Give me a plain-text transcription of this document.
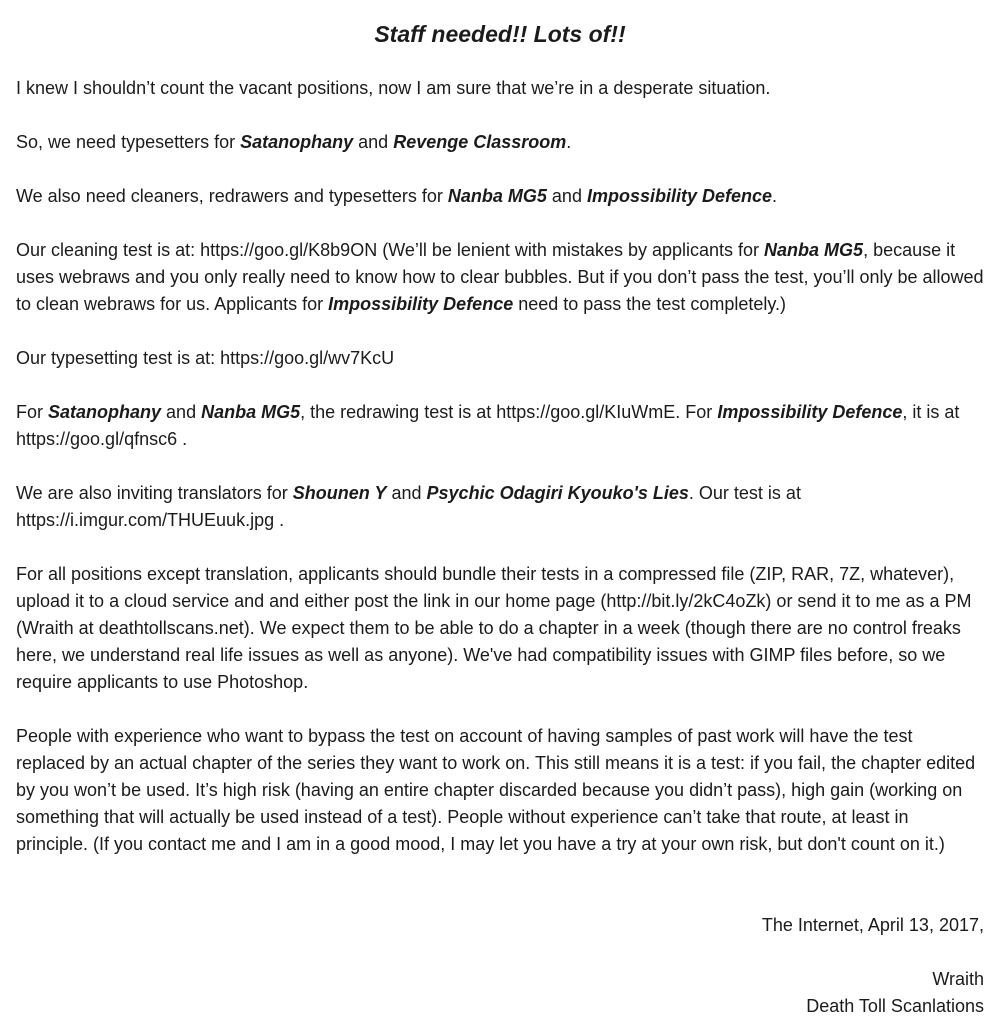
Staff needed!! Lots of!!

I knew I shouldn’t count the vacant positions, now I am sure that we’re in a desperate situation.

So, we need typesetters for Satanophany and Revenge Classroom.

We also need cleaners, redrawers and typesetters for Nanba MG5 and Impossibility Defence.

Our cleaning test is at: https://goo.gl/K8b9ON (We’ll be lenient with mistakes by applicants for Nanba MG5, because it uses webraws and you only really need to know how to clear bubbles. But if you don’t pass the test, you’ll only be allowed to clean webraws for us. Applicants for Impossibility Defence need to pass the test completely.)

Our typesetting test is at: https://goo.gl/wv7KcU

For Satanophany and Nanba MG5, the redrawing test is at https://goo.gl/KIuWmE. For Impossibility Defence, it is at https://goo.gl/qfnsc6 .

We are also inviting translators for Shounen Y and Psychic Odagiri Kyouko's Lies. Our test is at https://i.imgur.com/THUEuuk.jpg .

For all positions except translation, applicants should bundle their tests in a compressed file (ZIP, RAR, 7Z, whatever), upload it to a cloud service and and either post the link in our home page (http://bit.ly/2kC4oZk) or send it to me as a PM (Wraith at deathtollscans.net). We expect them to be able to do a chapter in a week (though there are no control freaks here, we understand real life issues as well as anyone). We've had compatibility issues with GIMP files before, so we require applicants to use Photoshop.

People with experience who want to bypass the test on account of having samples of past work will have the test replaced by an actual chapter of the series they want to work on. This still means it is a test: if you fail, the chapter edited by you won’t be used. It’s high risk (having an entire chapter discarded because you didn’t pass), high gain (working on something that will actually be used instead of a test). People without experience can’t take that route, at least in principle. (If you contact me and I am in a good mood, I may let you have a try at your own risk, but don't count on it.)

The Internet, April 13, 2017,
Wraith
Death Toll Scanlations
